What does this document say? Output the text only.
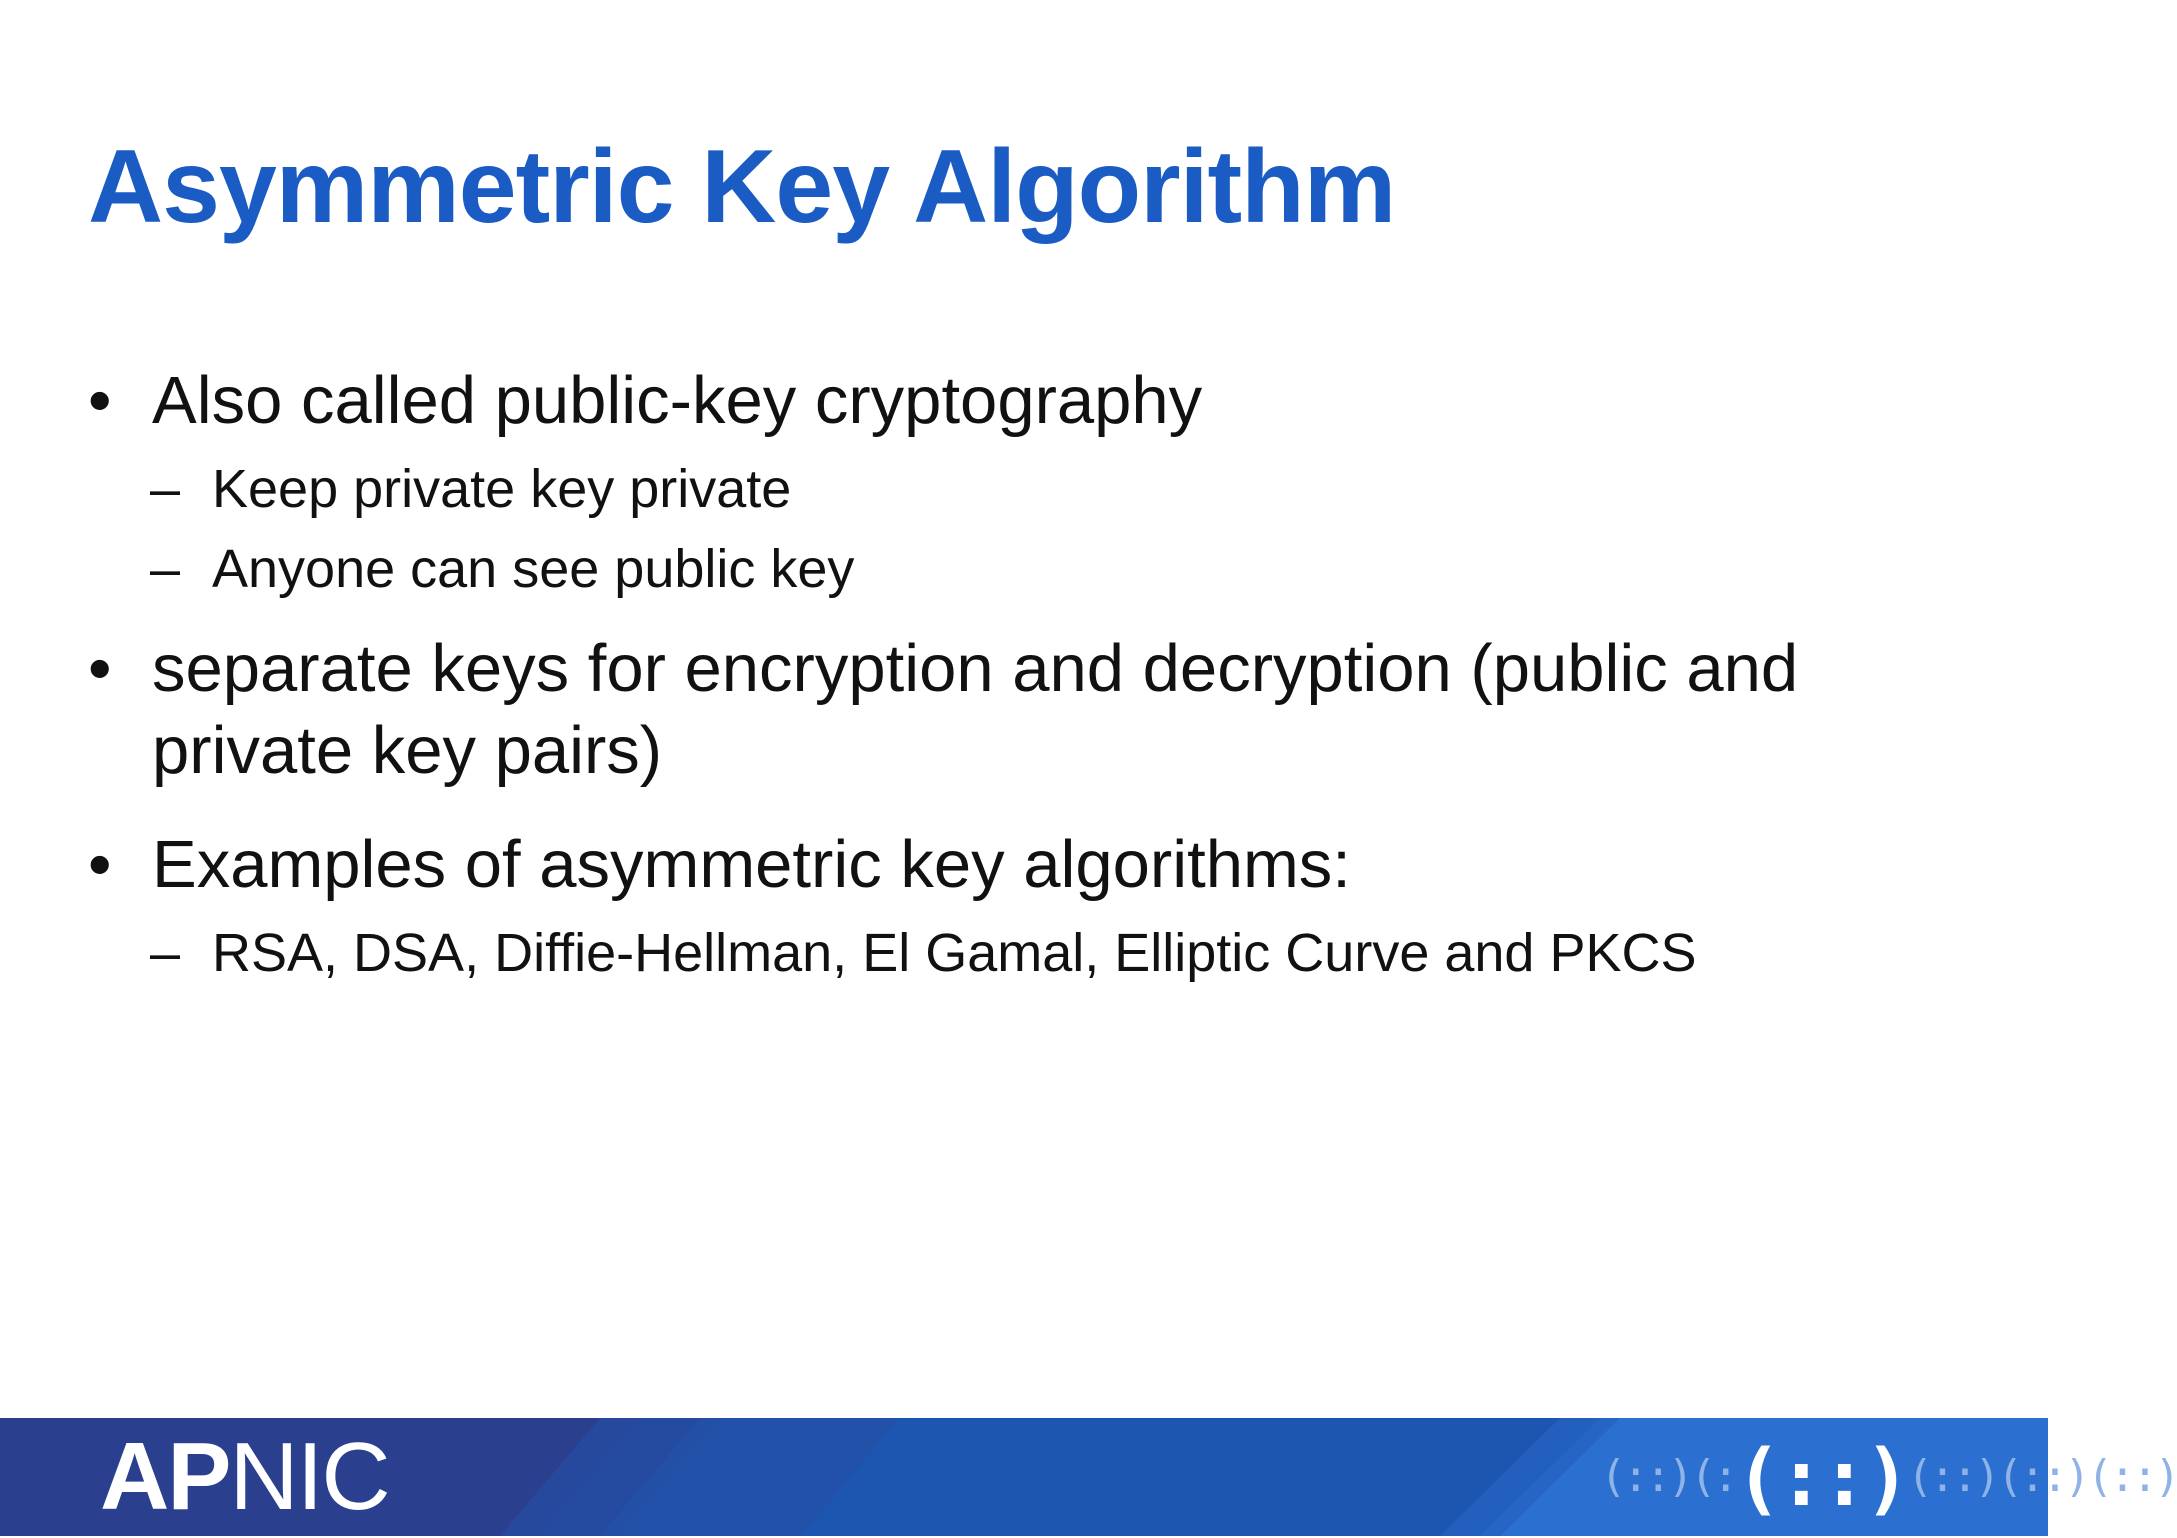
Asymmetric Key Algorithm
• Also called public-key cryptography
– Keep private key private
– Anyone can see public key
• separate keys for encryption and decryption (public and private key pairs)
• Examples of asymmetric key algorithms:
– RSA, DSA, Diffie-Hellman, El Gamal, Elliptic Curve and PKCS
APNIC	(::)(:(::)(::)(::)(::)
